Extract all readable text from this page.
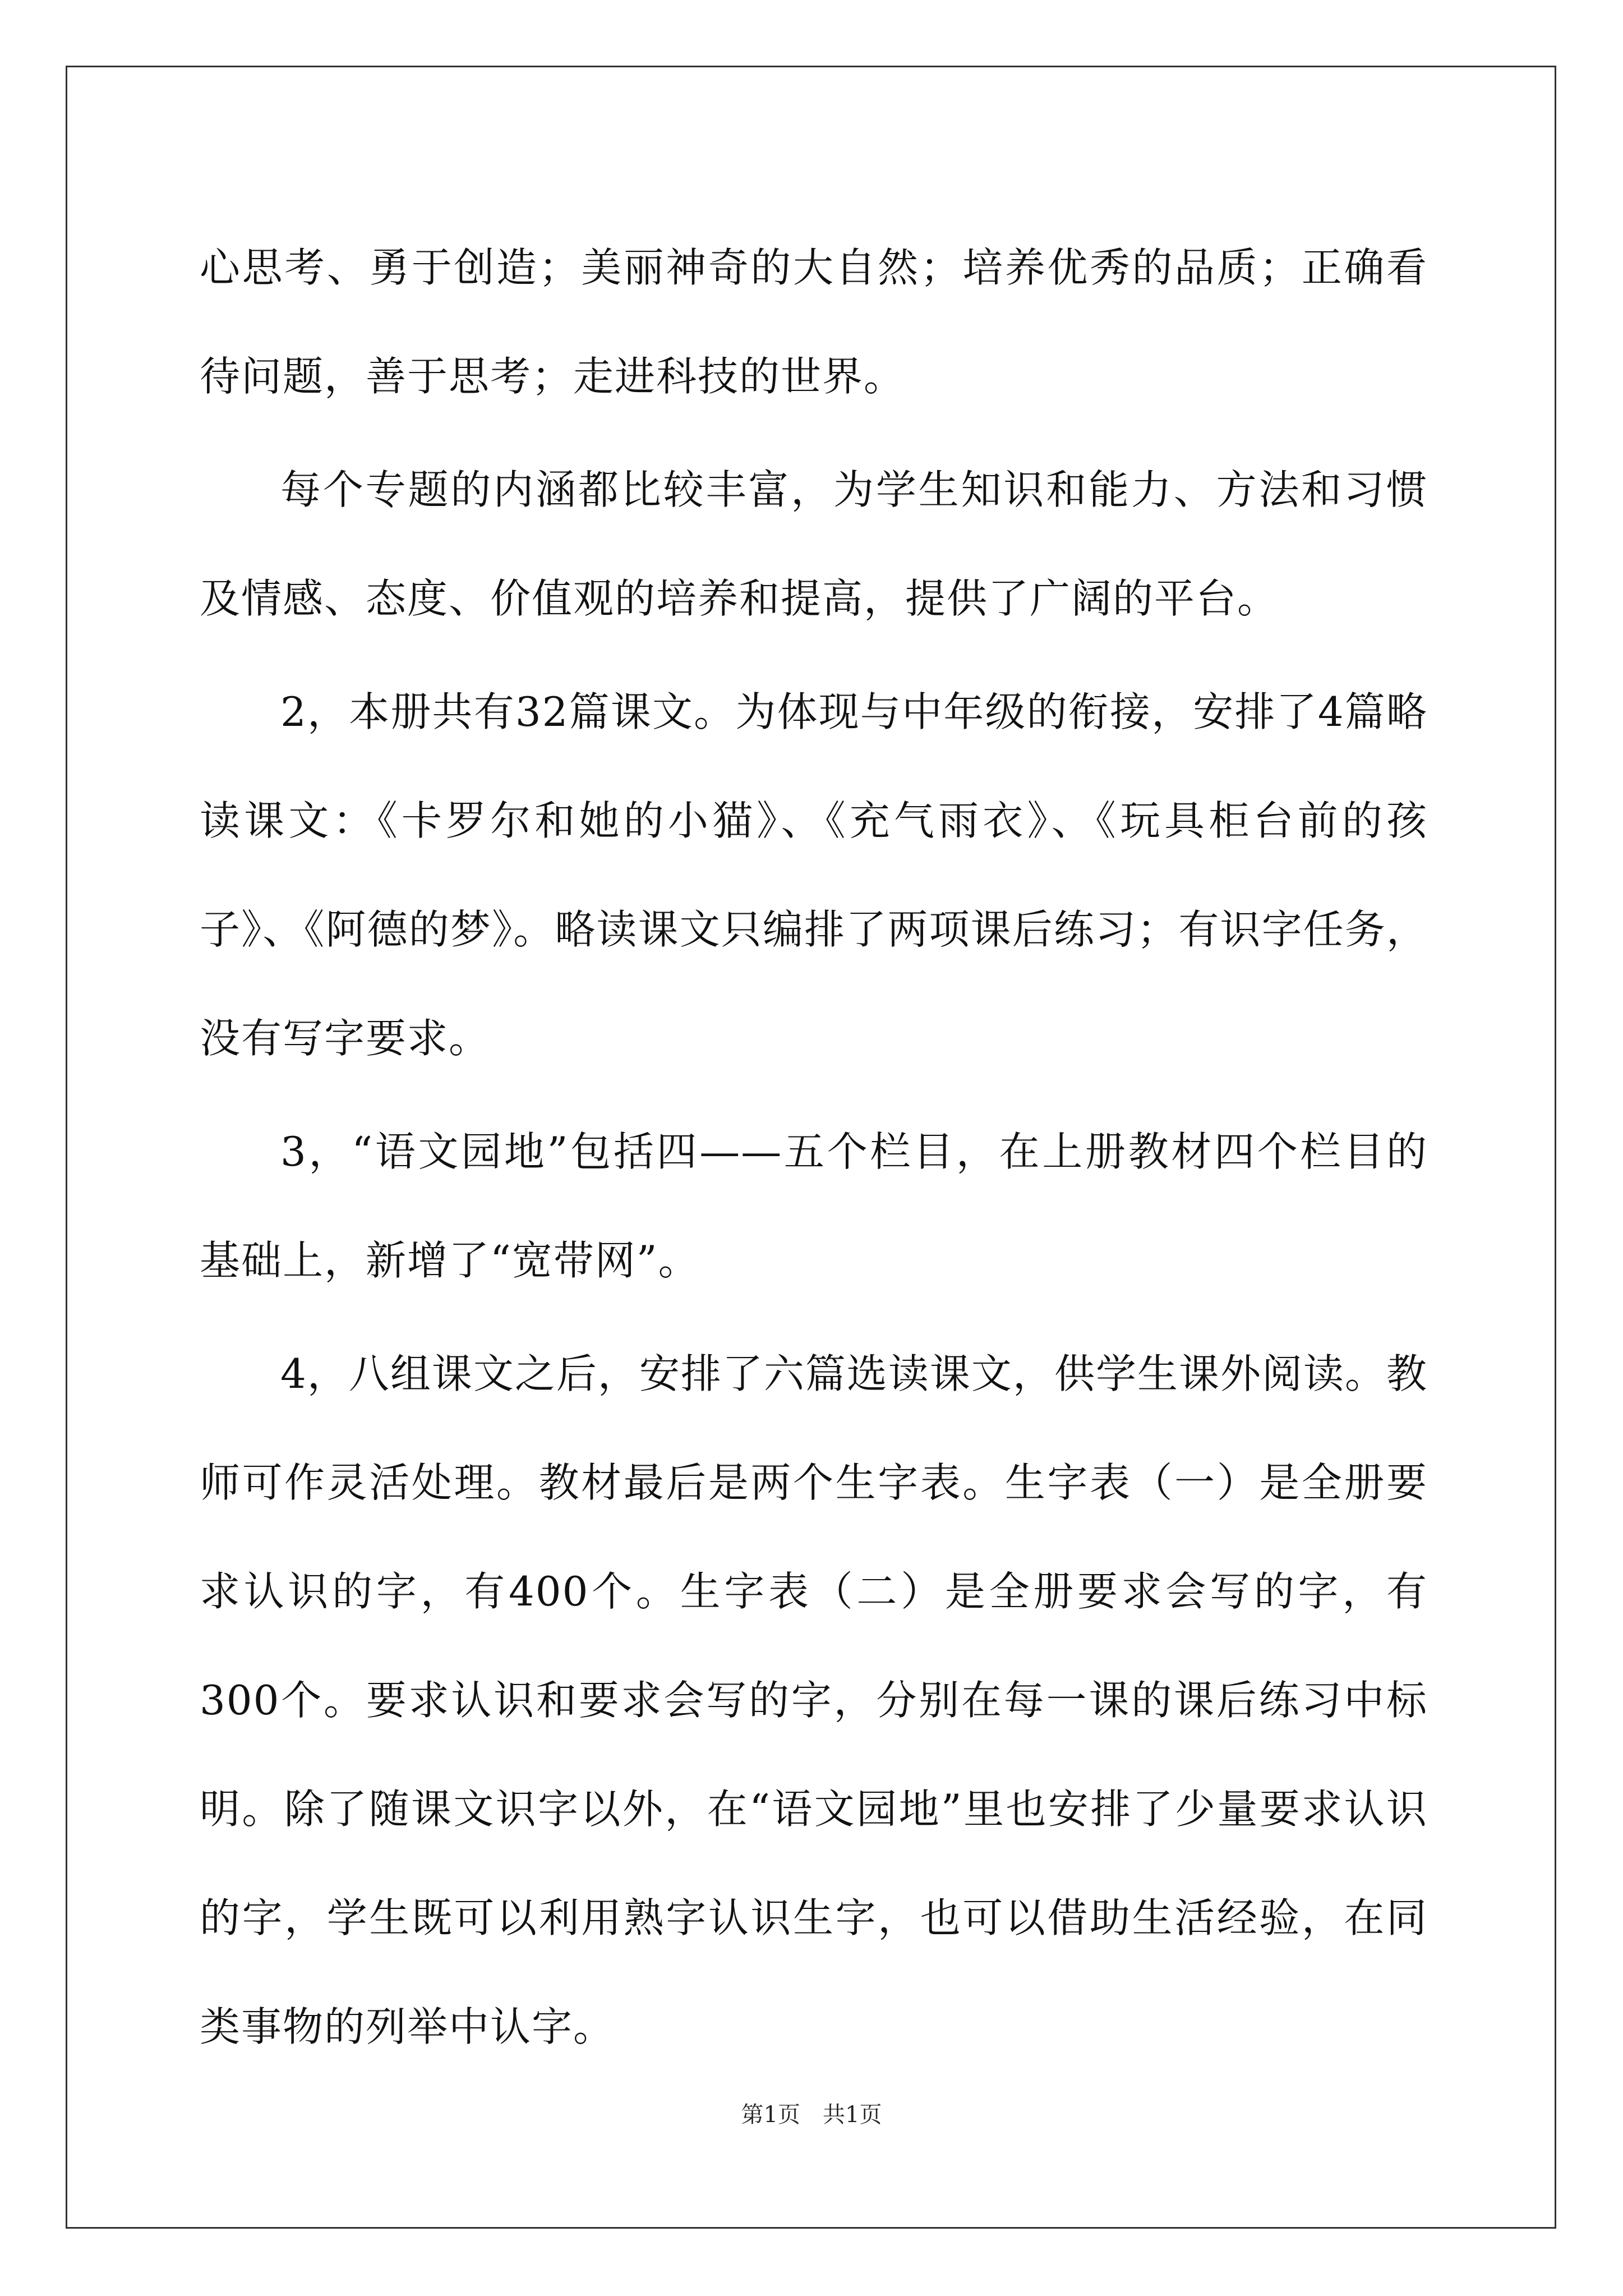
心思考、勇于创造；美丽神奇的大自然；培养优秀的品质；正确看待问题，善于思考；走进科技的世界。

每个专题的内涵都比较丰富，为学生知识和能力、方法和习惯及情感、态度、价值观的培养和提高，提供了广阔的平台。

2，本册共有32篇课文。为体现与中年级的衔接，安排了4篇略读课文：《卡罗尔和她的小猫》、《充气雨衣》、《玩具柜台前的孩子》、《阿德的梦》。略读课文只编排了两项课后练习；有识字任务，没有写字要求。

3，“语文园地”包括四——五个栏目，在上册教材四个栏目的基础上，新增了“宽带网”。

4，八组课文之后，安排了六篇选读课文，供学生课外阅读。教师可作灵活处理。教材最后是两个生字表。生字表（一）是全册要求认识的字，有400个。生字表（二）是全册要求会写的字，有300个。要求认识和要求会写的字，分别在每一课的课后练习中标明。除了随课文识字以外，在“语文园地”里也安排了少量要求认识的字，学生既可以利用熟字认识生字，也可以借助生活经验，在同类事物的列举中认字。

第1页　共1页
